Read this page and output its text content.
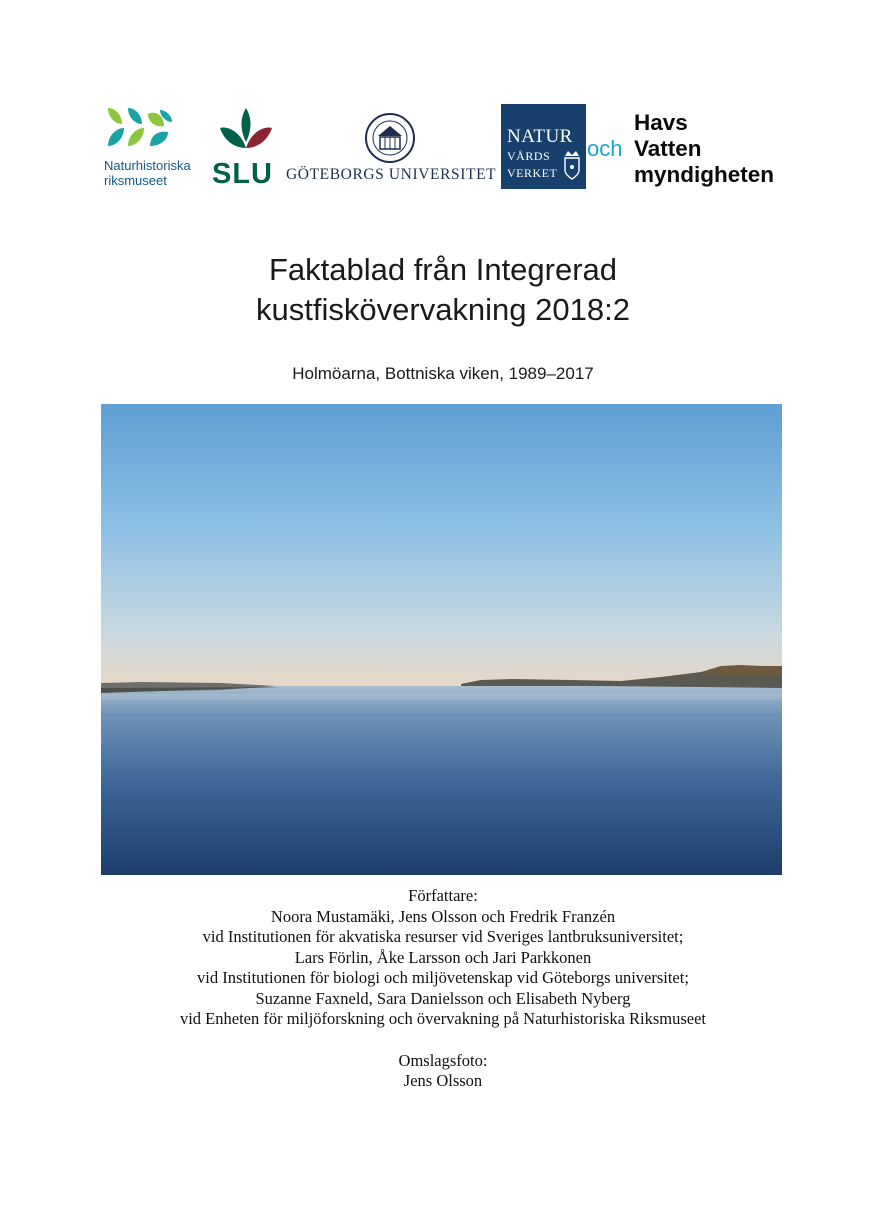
Naturhistoriska
riksmuseet	SLU GÖTEBORGS UNIVERSITET
NATUR
VÅRDS
VERKET
och
Havs
Vatten
myndigheten
Faktablad från Integrerad
kustfiskövervakning 2018:2
Holmöarna, Bottniska viken, 1989–2017
Författare:
Noora Mustamäki, Jens Olsson och Fredrik Franzén
vid Institutionen för akvatiska resurser vid Sveriges lantbruksuniversitet;
Lars Förlin, Åke Larsson och Jari Parkkonen
vid Institutionen för biologi och miljövetenskap vid Göteborgs universitet;
Suzanne Faxneld, Sara Danielsson och Elisabeth Nyberg
vid Enheten för miljöforskning och övervakning på Naturhistoriska Riksmuseet
Omslagsfoto:
Jens Olsson
